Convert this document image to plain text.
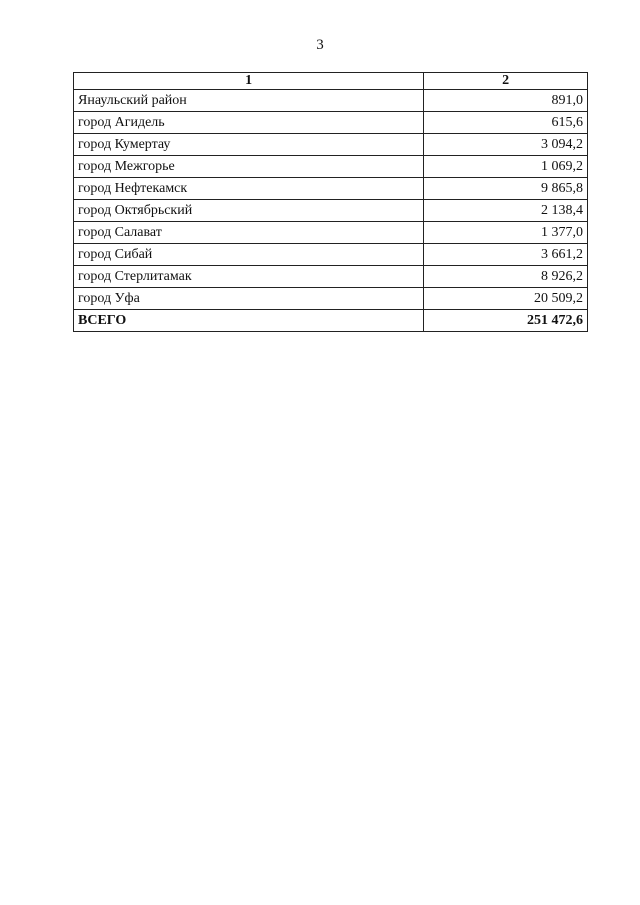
3
1	2
Янаульский район	891,0
город Агидель	615,6
город Кумертау	3 094,2
город Межгорье	1 069,2
город Нефтекамск	9 865,8
город Октябрьский	2 138,4
город Салават	1 377,0
город Сибай	3 661,2
город Стерлитамак	8 926,2
город Уфа	20 509,2
ВСЕГО	251 472,6
